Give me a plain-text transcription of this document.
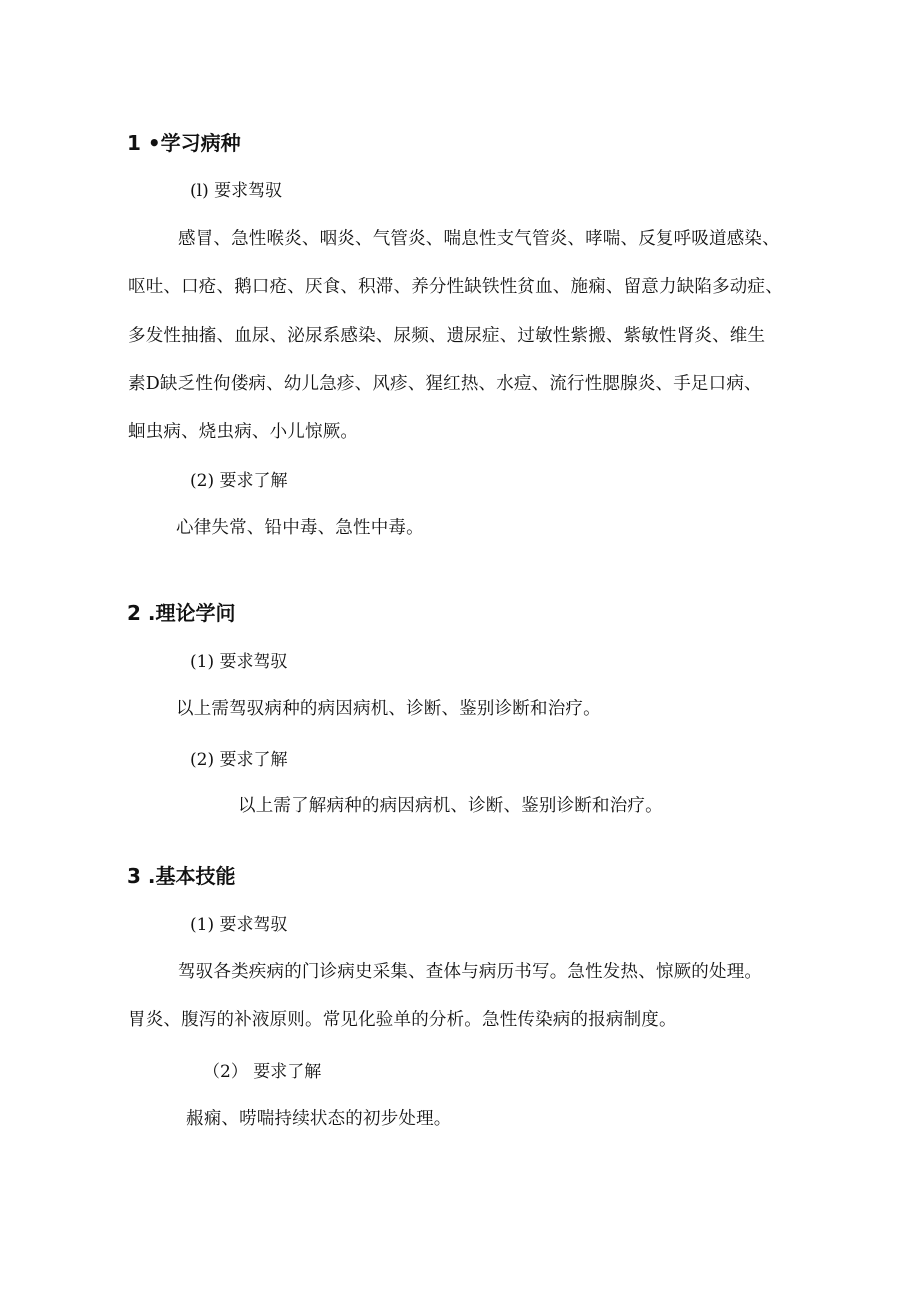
1 •学习病种
(l) 要求驾驭
感冒、急性喉炎、咽炎、气管炎、喘息性支气管炎、哮喘、反复呼吸道感染、
呕吐、口疮、鹅口疮、厌食、积滞、养分性缺铁性贫血、施痫、留意力缺陷多动症、
多发性抽搐、血尿、泌尿系感染、尿频、遗尿症、过敏性紫搬、紫敏性肾炎、维生
素D缺乏性佝偻病、幼儿急疹、风疹、猩红热、水痘、流行性腮腺炎、手足口病、
蛔虫病、烧虫病、小儿惊厥。
(2) 要求了解
心律失常、铅中毒、急性中毒。
2 .理论学问
(1) 要求驾驭
以上需驾驭病种的病因病机、诊断、鉴别诊断和治疗。
(2) 要求了解
以上需了解病种的病因病机、诊断、鉴别诊断和治疗。
3 .基本技能
(1) 要求驾驭
驾驭各类疾病的门诊病史采集、查体与病历书写。急性发热、惊厥的处理。
胃炎、腹泻的补液原则。常见化验单的分析。急性传染病的报病制度。
（2） 要求了解
赧痫、唠喘持续状态的初步处理。
